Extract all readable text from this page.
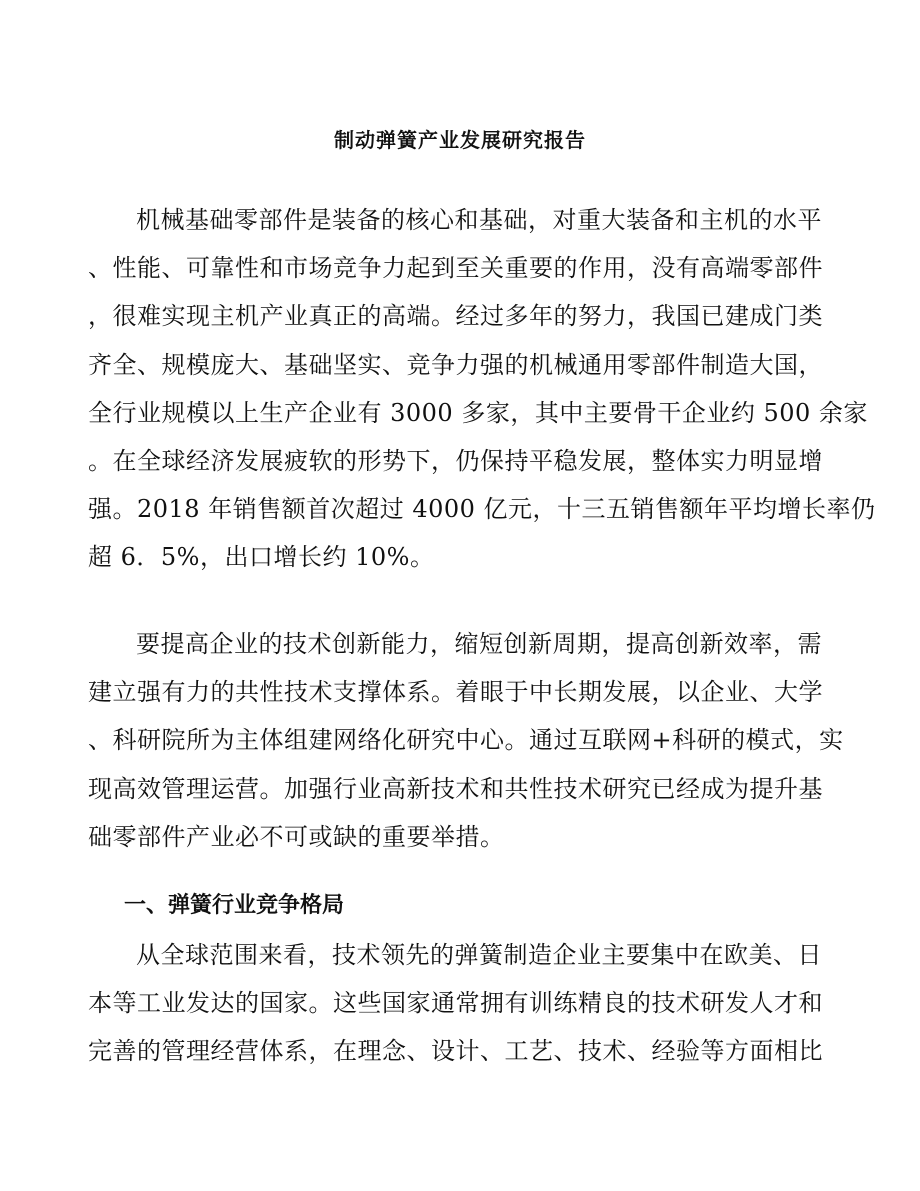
制动弹簧产业发展研究报告
机械基础零部件是装备的核心和基础，对重大装备和主机的水平
、性能、可靠性和市场竞争力起到至关重要的作用，没有高端零部件
，很难实现主机产业真正的高端。经过多年的努力，我国已建成门类
齐全、规模庞大、基础坚实、竞争力强的机械通用零部件制造大国，
全行业规模以上生产企业有 3000 多家，其中主要骨干企业约 500 余家
。在全球经济发展疲软的形势下，仍保持平稳发展，整体实力明显增
强。2018 年销售额首次超过 4000 亿元，十三五销售额年平均增长率仍
超 6．5%，出口增长约 10%。
要提高企业的技术创新能力，缩短创新周期，提高创新效率，需
建立强有力的共性技术支撑体系。着眼于中长期发展，以企业、大学
、科研院所为主体组建网络化研究中心。通过互联网+科研的模式，实
现高效管理运营。加强行业高新技术和共性技术研究已经成为提升基
础零部件产业必不可或缺的重要举措。
一、弹簧行业竞争格局
从全球范围来看，技术领先的弹簧制造企业主要集中在欧美、日
本等工业发达的国家。这些国家通常拥有训练精良的技术研发人才和
完善的管理经营体系，在理念、设计、工艺、技术、经验等方面相比
